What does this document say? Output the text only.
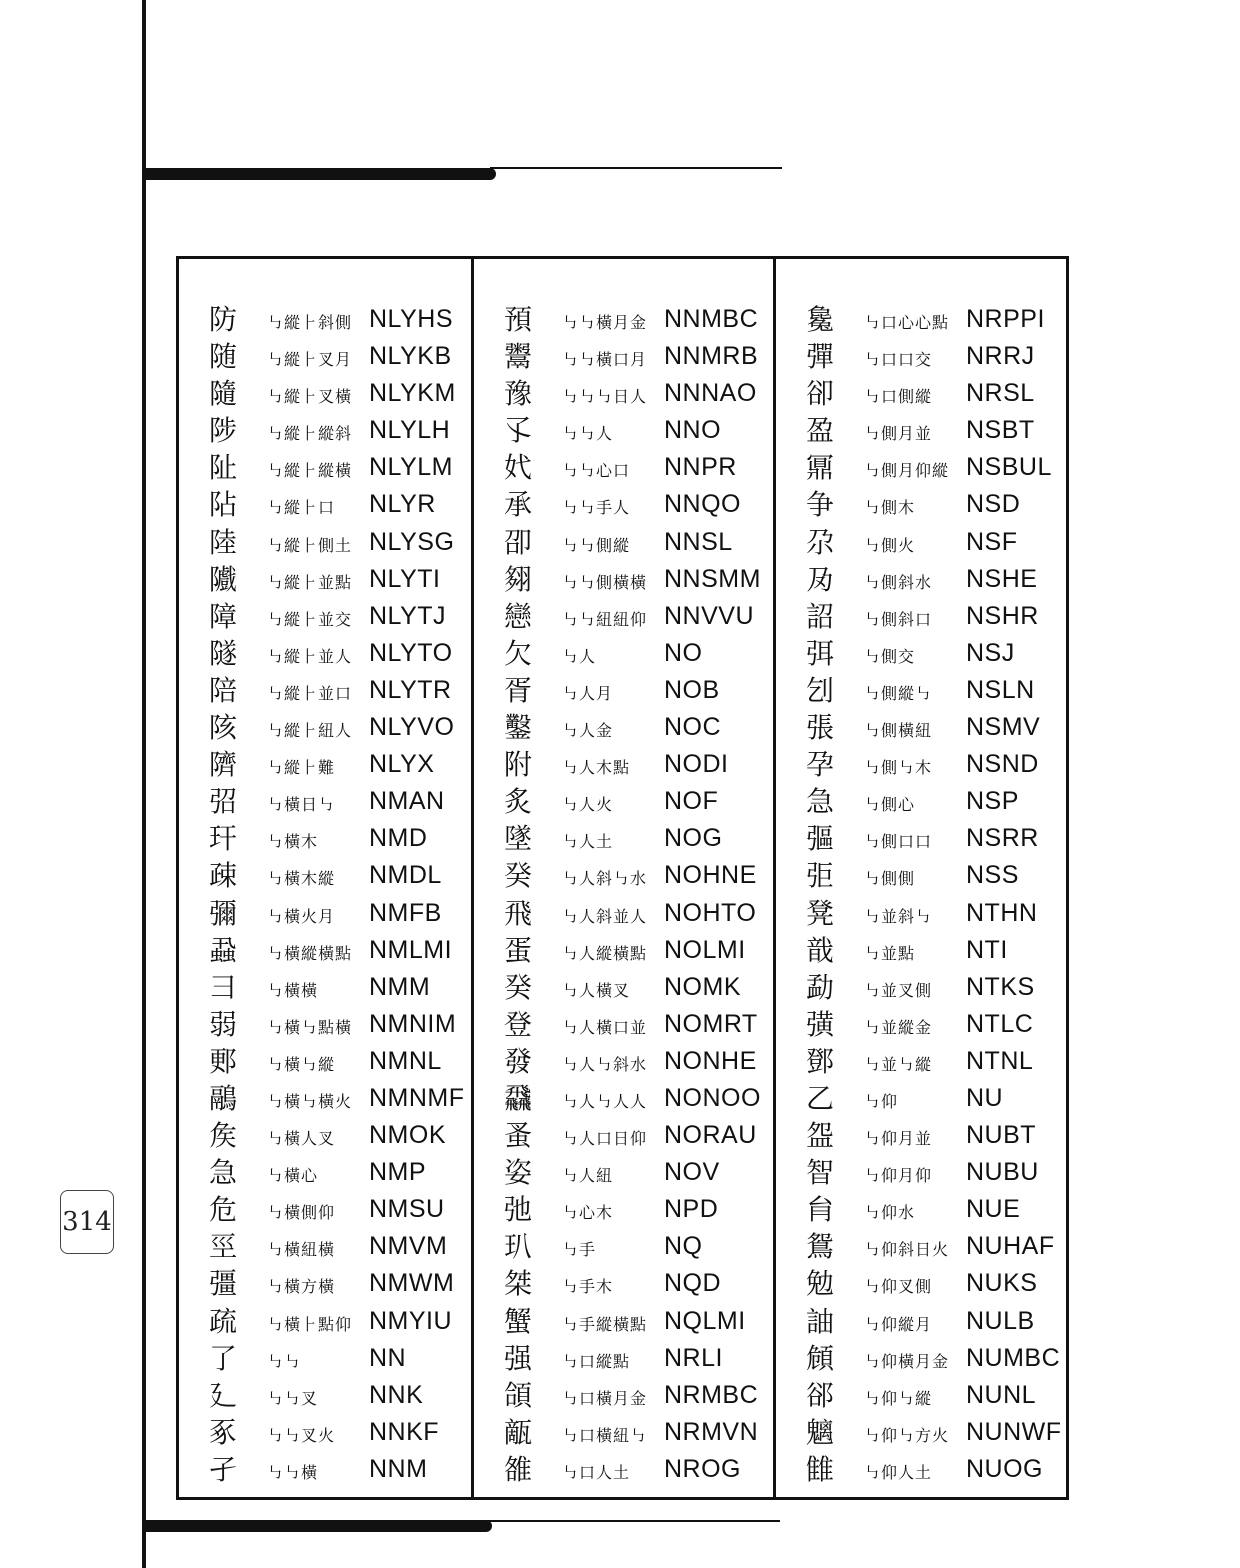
314
防	㇉縱⺊斜側 NLYHS
随	㇉縱⺊叉月 NLYKB
隨	㇉縱⺊叉橫 NLYKM
陟	㇉縱⺊縱斜 NLYLH
阯	㇉縱⺊縱橫 NLYLM
阽	㇉縱⺊口 NLYR
陸	㇉縱⺊側土 NLYSG
隵	㇉縱⺊並點 NLYTI
障	㇉縱⺊並交 NLYTJ
隧	㇉縱⺊並人 NLYTO
陪	㇉縱⺊並口 NLYTR
陔	㇉縱⺊紐人 NLYVO
隮	㇉縱⺊難 NLYX
弨	㇉橫日㇉ NMAN
玕	㇉橫木 NMD
疎	㇉橫木縱 NMDL
彌	㇉橫火月 NMFB
蝨	㇉橫縱橫點 NMLMI
彐	㇉橫橫 NMM
弱	㇉橫㇉點橫 NMNIM
郠	㇉橫㇉縱 NMNL
鷊	㇉橫㇉橫火 NMNMF
矦	㇉橫人叉 NMOK
急	㇉橫心 NMP
危	㇉橫側仰 NMSU
巠	㇉橫紐橫 NMVM
彊	㇉橫方橫 NMWM
疏	㇉橫⺊點仰 NMYIU
了	㇉㇉	NN
廴	㇉㇉叉 NNK
豖	㇉㇉叉火 NNKF
孑	㇉㇉橫 NNM
預	㇉㇉橫月金 NNMBC
鬻	㇉㇉橫口月 NNMRB
豫	㇉㇉㇉日人 NNNAO
孓	㇉㇉人 NNO
㚤	㇉㇉心口 NNPR
承	㇉㇉手人 NNQO
卲	㇉㇉側縱 NNSL
翗	㇉㇉側橫橫 NNSMM
戀	㇉㇉紐紐仰 NNVVU
欠	㇉人	NO
胥	㇉人月 NOB
鑿	㇉人金 NOC
附	㇉人木點 NODI
炙	㇉人火 NOF
墜	㇉人土 NOG
癸	㇉人斜㇉水 NOHNE
飛	㇉人斜並人 NOHTO
蛋	㇉人縱橫點 NOLMI
癸	㇉人橫叉 NOMK
登	㇉人橫口並 NOMRT
發	㇉人㇉斜水 NONHE
飝	㇉人㇉人人 NONOO
蚤	㇉人口日仰 NORAU
姿	㇉人紐 NOV
弛	㇉心木 NPD
玐	㇉手	NQ
桀	㇉手木 NQD
蟹	㇉手縱橫點 NQLMI
强	㇉口縱點 NRLI
頜	㇉口橫月金 NRMBC
甋	㇉口橫紐㇉ NRMVN
雒	㇉口人土 NROG
毚	㇉口心心點 NRPPI
彈	㇉口口交 NRRJ
卻	㇉口側縱 NRSL
盈	㇉側月並 NSBT
鼏	㇉側月仰縱 NSBUL
争	㇉側木 NSD
尕	㇉側火 NSF
夃	㇉側斜水 NSHE
詔	㇉側斜口 NSHR
弭	㇉側交 NSJ
刉	㇉側縱㇉ NSLN
張	㇉側橫紐 NSMV
孕	㇉側㇉木 NSND
急	㇉側心 NSP
彄	㇉側口口 NSRR
弡	㇉側側 NSS
凳	㇉並斜㇉ NTHN
戠	㇉並點 NTI
勐	㇉並叉側 NTKS
彉	㇉並縱金 NTLC
鄧	㇉並㇉縱 NTNL
乙	㇉仰	NU
盌	㇉仰月並 NUBT
智	㇉仰月仰 NUBU
䏍	㇉仰水 NUE
鴛	㇉仰斜日火 NUHAF
勉	㇉仰叉側 NUKS
䛆	㇉仰縱月 NULB
頠	㇉仰橫月金 NUMBC
郤	㇉仰㇉縱 NUNL
魑	㇉仰㇉方火 NUNWF
雔	㇉仰人土 NUOG
